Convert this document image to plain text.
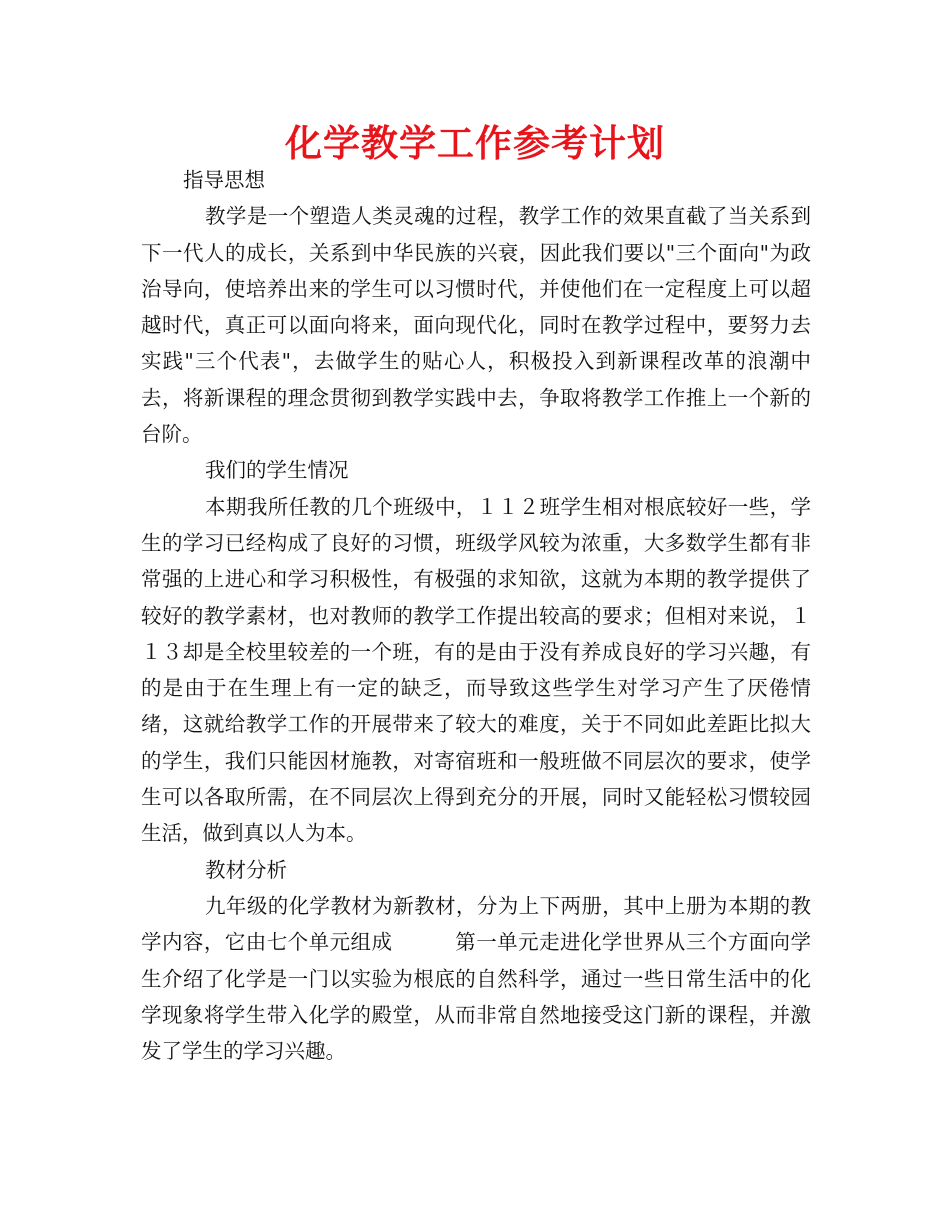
化学教学工作参考计划
指导思想

教学是一个塑造人类灵魂的过程，教学工作的效果直截了当关系到下一代人的成长，关系到中华民族的兴衰，因此我们要以"三个面向"为政治导向，使培养出来的学生可以习惯时代，并使他们在一定程度上可以超越时代，真正可以面向将来，面向现代化，同时在教学过程中，要努力去实践"三个代表"，去做学生的贴心人，积极投入到新课程改革的浪潮中去，将新课程的理念贯彻到教学实践中去，争取将教学工作推上一个新的台阶。

我们的学生情况

本期我所任教的几个班级中，１１２班学生相对根底较好一些，学生的学习已经构成了良好的习惯，班级学风较为浓重，大多数学生都有非常强的上进心和学习积极性，有极强的求知欲，这就为本期的教学提供了较好的教学素材，也对教师的教学工作提出较高的要求；但相对来说，１１３却是全校里较差的一个班，有的是由于没有养成良好的学习兴趣，有的是由于在生理上有一定的缺乏，而导致这些学生对学习产生了厌倦情绪，这就给教学工作的开展带来了较大的难度，关于不同如此差距比拟大的学生，我们只能因材施教，对寄宿班和一般班做不同层次的要求，使学生可以各取所需，在不同层次上得到充分的开展，同时又能轻松习惯较园生活，做到真以人为本。

教材分析

九年级的化学教材为新教材，分为上下两册，其中上册为本期的教学内容，它由七个单元组成　　　第一单元走进化学世界从三个方面向学生介绍了化学是一门以实验为根底的自然科学，通过一些日常生活中的化学现象将学生带入化学的殿堂，从而非常自然地接受这门新的课程，并激发了学生的学习兴趣。
